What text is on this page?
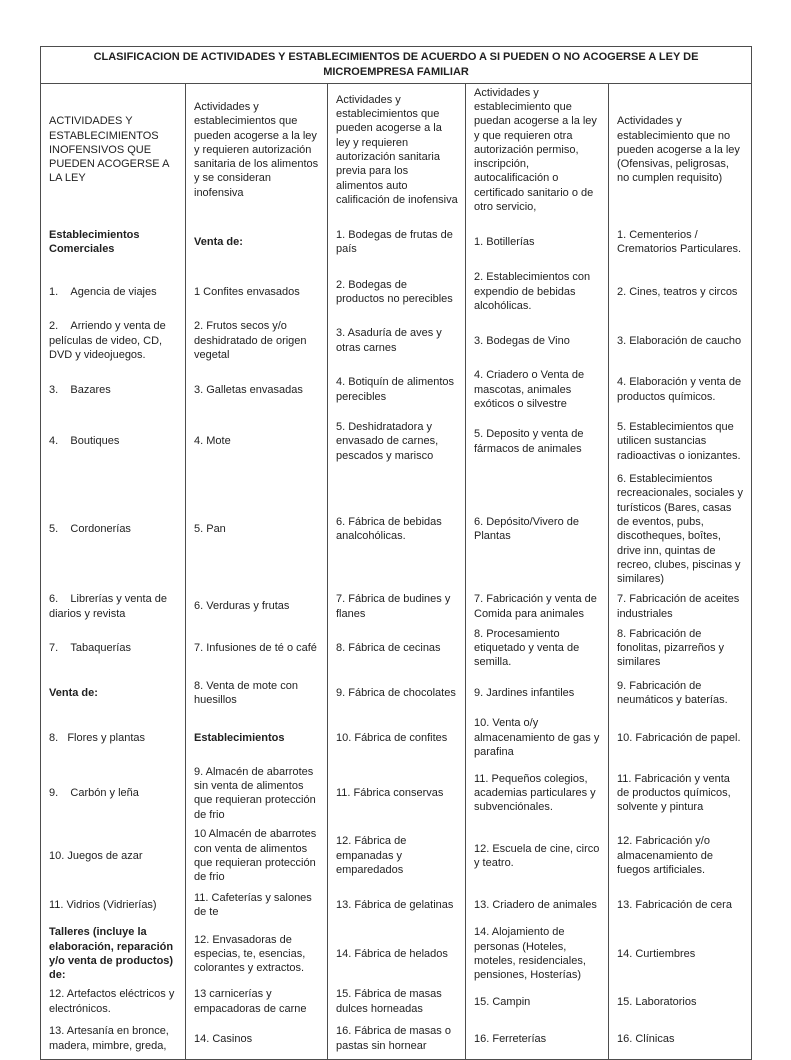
CLASIFICACION DE ACTIVIDADES Y ESTABLECIMIENTOS DE ACUERDO A SI PUEDEN O NO ACOGERSE A LEY DE MICROEMPRESA FAMILIAR				
ACTIVIDADES Y ESTABLECIMIENTOS INOFENSIVOS QUE PUEDEN ACOGERSE A LA LEY	Actividades y establecimientos que pueden acogerse a la ley y requieren autorización sanitaria de los alimentos y se consideran inofensiva	Actividades y establecimientos que pueden acogerse a la ley y requieren autorización sanitaria previa para los alimentos auto calificación de inofensiva	Actividades y establecimiento que puedan acogerse a la ley y que requieren otra autorización permiso, inscripción, autocalificación o certificado sanitario o de otro servicio,	Actividades y establecimiento que no pueden acogerse a la ley (Ofensivas, peligrosas, no cumplen requisito)
Establecimientos Comerciales	Venta de:	1. Bodegas de frutas de país	1. Botillerías	1. Cementerios / Crematorios Particulares.
1.    Agencia de viajes	1 Confites envasados	2. Bodegas de productos no perecibles	2. Establecimientos con expendio de bebidas alcohólicas.	2. Cines, teatros y circos
2.    Arriendo y venta de películas de video, CD, DVD y videojuegos.	2. Frutos secos y/o deshidratado de origen vegetal	3. Asaduría de aves y otras carnes	3. Bodegas de Vino	3. Elaboración de caucho
3.    Bazares	3. Galletas envasadas	4. Botiquín de alimentos perecibles	4. Criadero o Venta de mascotas, animales exóticos o silvestre	4. Elaboración y venta de productos químicos.
4.    Boutiques	4. Mote	5. Deshidratadora y envasado de carnes, pescados y marisco	5. Deposito y venta de fármacos de animales	5. Establecimientos que utilicen sustancias radioactivas o ionizantes.
5.    Cordonerías	5. Pan	6. Fábrica de bebidas analcohólicas.	6. Depósito/Vivero de Plantas	6. Establecimientos recreacionales, sociales y turísticos (Bares, casas de eventos, pubs, discotheques, boîtes, drive inn, quintas de recreo, clubes, piscinas y similares)
6.    Librerías y venta de diarios y revista	6. Verduras y frutas	7. Fábrica de budines y flanes	7. Fabricación y venta de Comida para animales	7. Fabricación de aceites industriales
7.    Tabaquerías	7. Infusiones de té o café	8. Fábrica de cecinas	8. Procesamiento etiquetado y venta de semilla.	8. Fabricación de fonolitas, pizarreños y similares
Venta de:	8. Venta de mote con huesillos	9. Fábrica de chocolates	9. Jardines infantiles	9. Fabricación de neumáticos y baterías.
8.   Flores y plantas	Establecimientos	10. Fábrica de confites	10. Venta o/y almacenamiento de gas y parafina	10. Fabricación de papel.
9.    Carbón y leña	9. Almacén de abarrotes sin venta de alimentos que requieran protección de frio	11. Fábrica conservas	11. Pequeños colegios, academias particulares y subvenciónales.	11. Fabricación y venta de productos químicos, solvente y pintura
10. Juegos de azar	10 Almacén de abarrotes con venta de alimentos que requieran protección de frio	12. Fábrica de empanadas y emparedados	12. Escuela de cine, circo y teatro.	12. Fabricación y/o almacenamiento de fuegos artificiales.
11. Vidrios (Vidrierías)	11. Cafeterías y salones de te	13. Fábrica de gelatinas	13. Criadero de animales	13. Fabricación de cera
Talleres (incluye la elaboración, reparación y/o venta de productos) de:	12. Envasadoras de especias, te, esencias, colorantes y extractos.	14. Fábrica de helados	14. Alojamiento de personas (Hoteles, moteles, residenciales, pensiones, Hosterías)	14. Curtiembres
12. Artefactos eléctricos y electrónicos.	13 carnicerías y empacadoras de carne	15. Fábrica de masas dulces horneadas	15. Campin	15. Laboratorios
13. Artesanía en bronce, madera, mimbre, greda,	14. Casinos	16. Fábrica de masas o pastas sin hornear	16. Ferreterías	16. Clínicas
